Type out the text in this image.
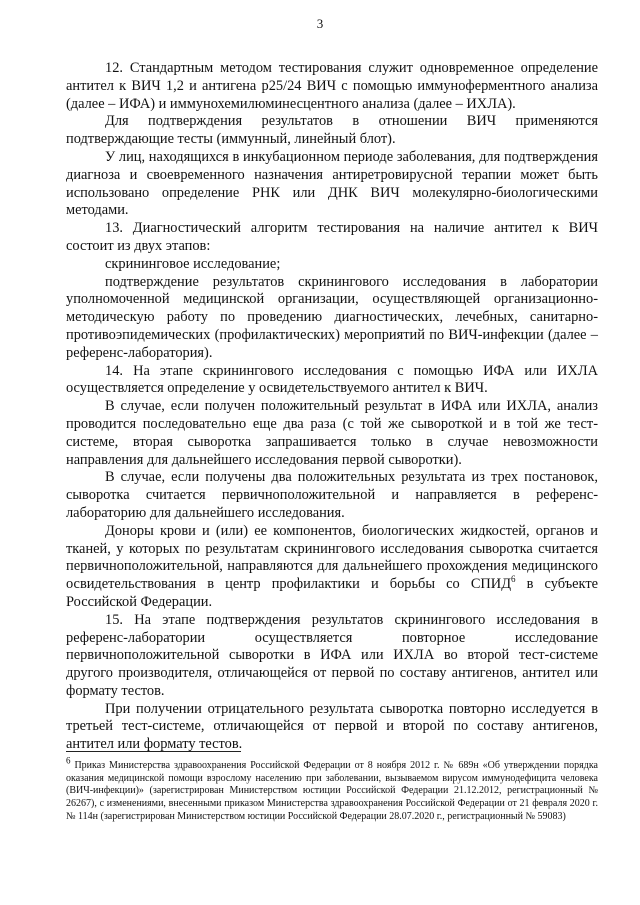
3

12. Стандартным методом тестирования служит одновременное определение антител к ВИЧ 1,2 и антигена p25/24 ВИЧ с помощью иммуноферментного анализа (далее – ИФА) и иммунохемилюминесцентного анализа (далее – ИХЛА).

Для подтверждения результатов в отношении ВИЧ применяются подтверждающие тесты (иммунный, линейный блот).

У лиц, находящихся в инкубационном периоде заболевания, для подтверждения диагноза и своевременного назначения антиретровирусной терапии может быть использовано определение РНК или ДНК ВИЧ молекулярно-биологическими методами.

13. Диагностический алгоритм тестирования на наличие антител к ВИЧ состоит из двух этапов:

скрининговое исследование;

подтверждение результатов скринингового исследования в лаборатории уполномоченной медицинской организации, осуществляющей организационно-методическую работу по проведению диагностических, лечебных, санитарно-противоэпидемических (профилактических) мероприятий по ВИЧ-инфекции (далее – референс-лаборатория).

14. На этапе скринингового исследования с помощью ИФА или ИХЛА осуществляется определение у освидетельствуемого антител к ВИЧ.

В случае, если получен положительный результат в ИФА или ИХЛА, анализ проводится последовательно еще два раза (с той же сывороткой и в той же тест-системе, вторая сыворотка запрашивается только в случае невозможности направления для дальнейшего исследования первой сыворотки).

В случае, если получены два положительных результата из трех постановок, сыворотка считается первичноположительной и направляется в референс-лабораторию для дальнейшего исследования.

Доноры крови и (или) ее компонентов, биологических жидкостей, органов и тканей, у которых по результатам скринингового исследования сыворотка считается первичноположительной, направляются для дальнейшего прохождения медицинского освидетельствования в центр профилактики и борьбы со СПИД$^6$ в субъекте Российской Федерации.

15. На этапе подтверждения результатов скринингового исследования в референс-лаборатории осуществляется повторное исследование первичноположительной сыворотки в ИФА или ИХЛА во второй тест-системе другого производителя, отличающейся от первой по составу антигенов, антител или формату тестов.

При получении отрицательного результата сыворотка повторно исследуется в третьей тест-системе, отличающейся от первой и второй по составу антигенов, антител или формату тестов.

$^6$ Приказ Министерства здравоохранения Российской Федерации от 8 ноября 2012 г. № 689н «Об утверждении порядка оказания медицинской помощи взрослому населению при заболевании, вызываемом вирусом иммунодефицита человека (ВИЧ-инфекции)» (зарегистрирован Министерством юстиции Российской Федерации 21.12.2012, регистрационный № 26267), с изменениями, внесенными приказом Министерства здравоохранения Российской Федерации от 21 февраля 2020 г. № 114н (зарегистрирован Министерством юстиции Российской Федерации 28.07.2020 г., регистрационный № 59083)
